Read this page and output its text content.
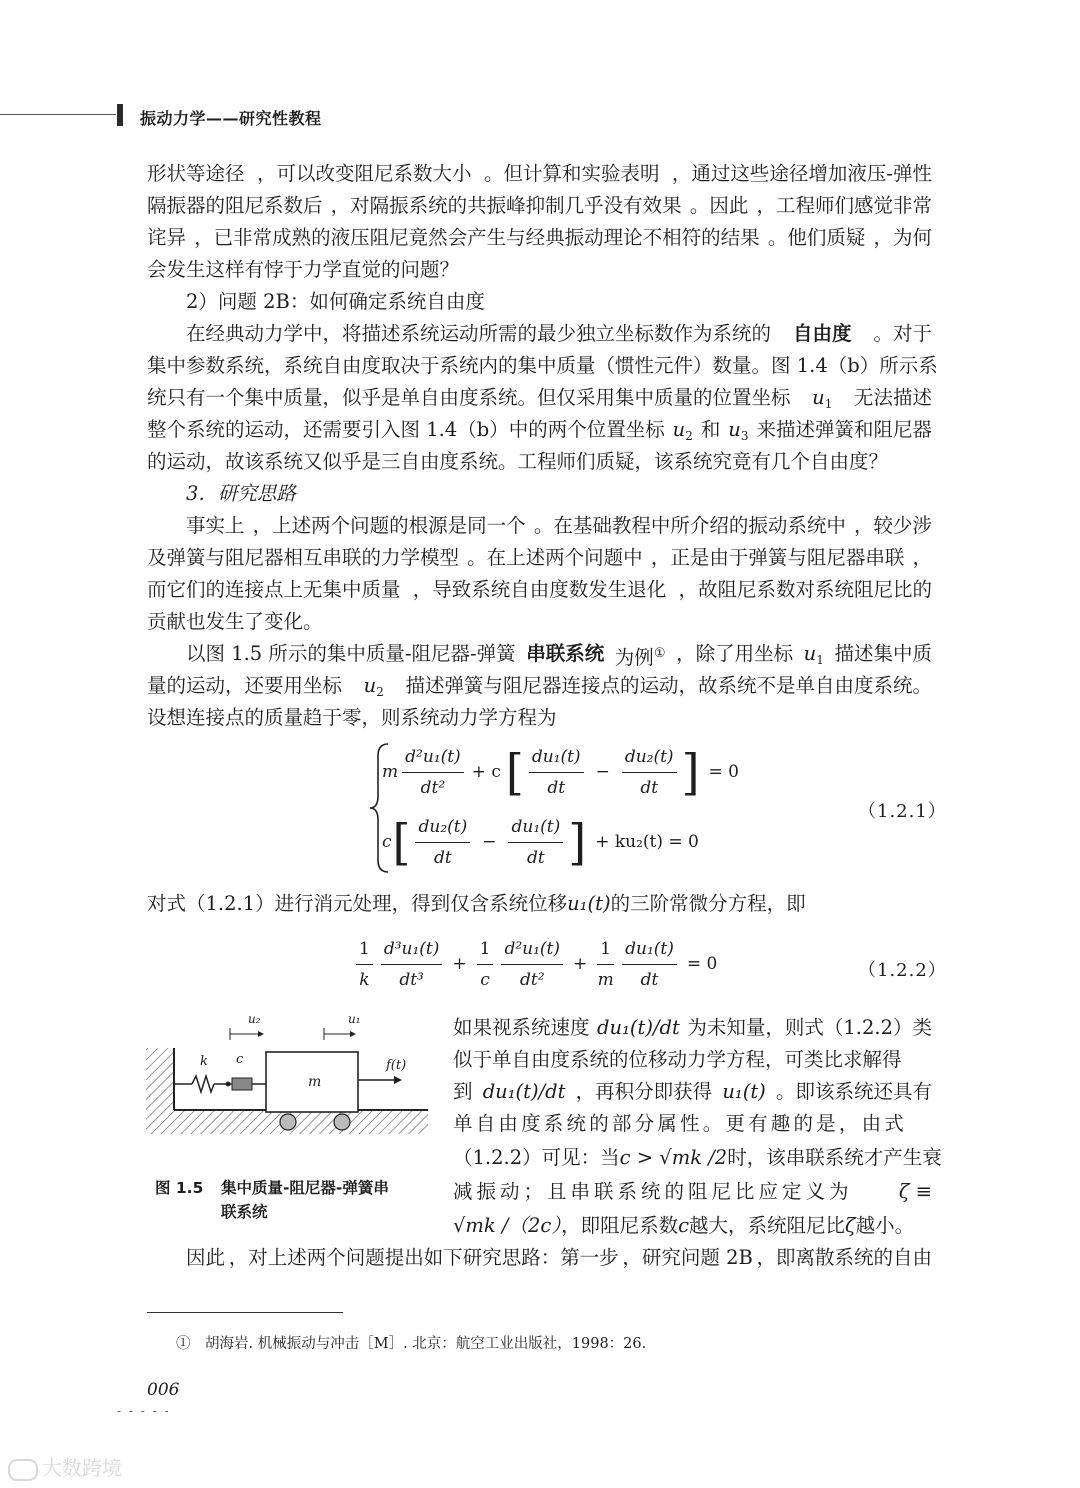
振动力学——研究性教程
形状等途径 ，可以改变阻尼系数大小 。但计算和实验表明 ，通过这些途径增加液压-弹性
隔振器的阻尼系数后 ，对隔振系统的共振峰抑制几乎没有效果 。因此 ，工程师们感觉非常
诧异 ，已非常成熟的液压阻尼竟然会产生与经典振动理论不相符的结果 。他们质疑 ，为何
会发生这样有悖于力学直觉的问题？
2）问题 2B：如何确定系统自由度
在经典动力学中，将描述系统运动所需的最少独立坐标数作为系统的 自由度 。对于
集中参数系统 ，系统自由度取决于系统内的集中质量（惯性元件）数量 。图 1.4（b）所示系
统只有一个集中质量，似乎是单自由度系统。但仅采用集中质量的位置坐标 $u_1$ 无法描述
整个系统的运动，还需要引入图 1.4（b）中的两个位置坐标 $u_2$ 和 $u_3$ 来描述弹簧和阻尼器
的运动，故该系统又似乎是三自由度系统。工程师们质疑，该系统究竟有几个自由度？
3．研究思路
事实上 ，上述两个问题的根源是同一个 。在基础教程中所介绍的振动系统中 ，较少涉
及弹簧与阻尼器相互串联的力学模型 。在上述两个问题中 ，正是由于弹簧与阻尼器串联 ，
而它们的连接点上无集中质量 ，导致系统自由度数发生退化 ，故阻尼系数对系统阻尼比的
贡献也发生了变化。
以图 1.5 所示的集中质量-阻尼器-弹簧 串联系统 为例① ，除了用坐标 $u_1$ 描述集中质
量的运动，还要用坐标 $u_2$ 描述弹簧与阻尼器连接点的运动，故系统不是单自由度系统。
设想连接点的质量趋于零，则系统动力学方程为
m $\frac{\text{d²u₁(t)}}{\text{dt²}} + c$ [ $\frac{\text{du₁(t)}}{dt} - \frac{\text{du₂(t)}}{dt}$ ] = 0
c [ $\frac{\text{du₂(t)}}{dt} - \frac{\text{du₁(t)}}{dt}$ ] + ku₂(t) = 0
（1.2.1）
对式（1.2.1）进行消元处理，得到仅含系统位移u₁(t)的三阶常微分方程，即
$\frac{1}{k} \frac{\text{d³u₁(t)}}{\text{dt³}} + \frac{1}{c} \frac{\text{d²u₁(t)}}{\text{dt²}} + \frac{1}{m} \frac{\text{du₁(t)}}{dt} = 0$	（1.2.2）
u₂	u₁
k c
m
f(t)
图 1.5	集中质量-阻尼器-弹簧串
联系统
如果视系统速度 du₁(t)/dt 为未知量，则式（1.2.2）类
似于单自由度系统的位移动力学方程，可类比求解得
到 du₁(t)/dt ，再积分即获得 u₁(t) 。即该系统还具有
单自由度系统的部分属性。更有趣的是，由式
（1.2.2）可见：当 c > √mk /2 时，该串联系统才产生衰
减振动；且串联系统的阻尼比应定义为 ζ ≡
√mk /（2c），即阻尼系数c越大，系统阻尼比ζ越小。
因此 ，对上述两个问题提出如下研究思路：第一步 ，研究问题 2B ，即离散系统的自由
①　胡海岩. 机械振动与冲击［M］. 北京：航空工业出版社，1998：26.
006
- - - - -
大数跨境
